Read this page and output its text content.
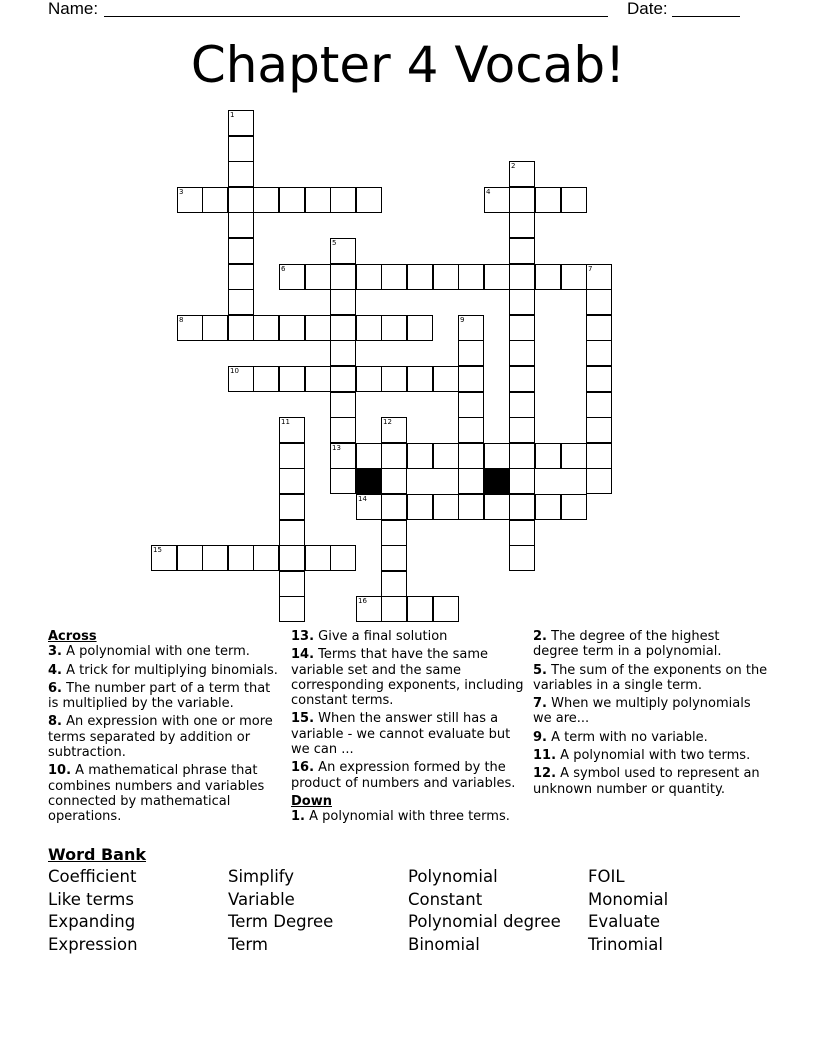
Name:	Date:
Chapter 4 Vocab!
1
2
3	4
5
6	7
8	9
10
11	12
13
14
15
16
Across
3. A polynomial with one term.
4. A trick for multiplying binomials.
6. The number part of a term that is multiplied by the variable.
8. An expression with one or more terms separated by addition or subtraction.
10. A mathematical phrase that combines numbers and variables connected by mathematical operations.
13. Give a final solution
14. Terms that have the same variable set and the same corresponding exponents, including constant terms.
15. When the answer still has a variable - we cannot evaluate but we can ...
16. An expression formed by the product of numbers and variables.
Down
1. A polynomial with three terms.
2. The degree of the highest degree term in a polynomial.
5. The sum of the exponents on the variables in a single term.
7. When we multiply polynomials we are...
9. A term with no variable.
11. A polynomial with two terms.
12. A symbol used to represent an unknown number or quantity.
Word Bank
Coefficient	Simplify	Polynomial	FOIL
Like terms	Variable	Constant	Monomial
Expanding	Term Degree	Polynomial degree	Evaluate
Expression	Term	Binomial	Trinomial
